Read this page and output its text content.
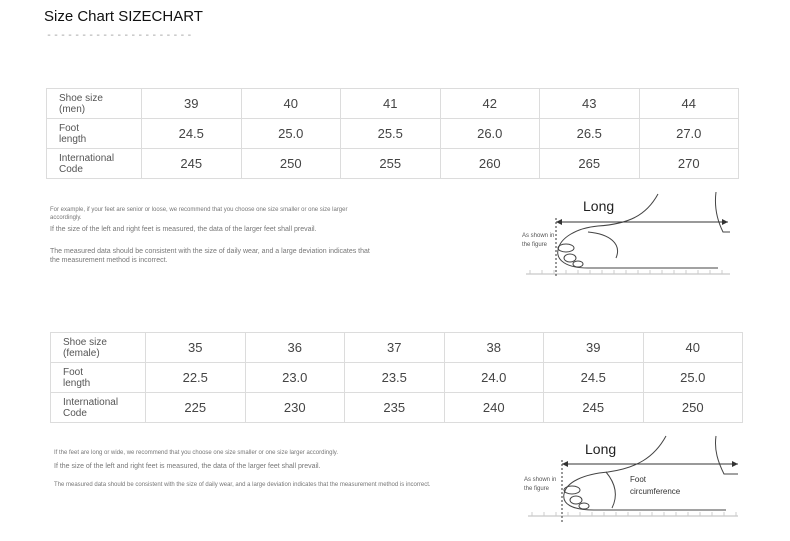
Size Chart SIZECHART
---------------------
Shoe size
(men)	39	40	41	42	43	44
Foot
length	24.5	25.0	25.5	26.0	26.5	27.0
International
Code	245	250	255	260	265	270

For example, if your feet are senior or loose, we recommend that you choose one size smaller or one size larger accordingly.

If the size of the left and right feet is measured, the data of the larger feet shall prevail.

The measured data should be consistent with the size of daily wear, and a large deviation indicates that the measurement method is incorrect.

Long
As shown in
the figure
Shoe size
(female)	35	36	37	38	39	40
Foot
length	22.5	23.0	23.5	24.0	24.5	25.0
International
Code	225	230	235	240	245	250

If the feet are long or wide, we recommend that you choose one size smaller or one size larger accordingly.

If the size of the left and right feet is measured, the data of the larger feet shall prevail.

The measured data should be consistent with the size of daily wear, and a large deviation indicates that the measurement method is incorrect.

Long
As shown in
the figure
Foot
circumference
